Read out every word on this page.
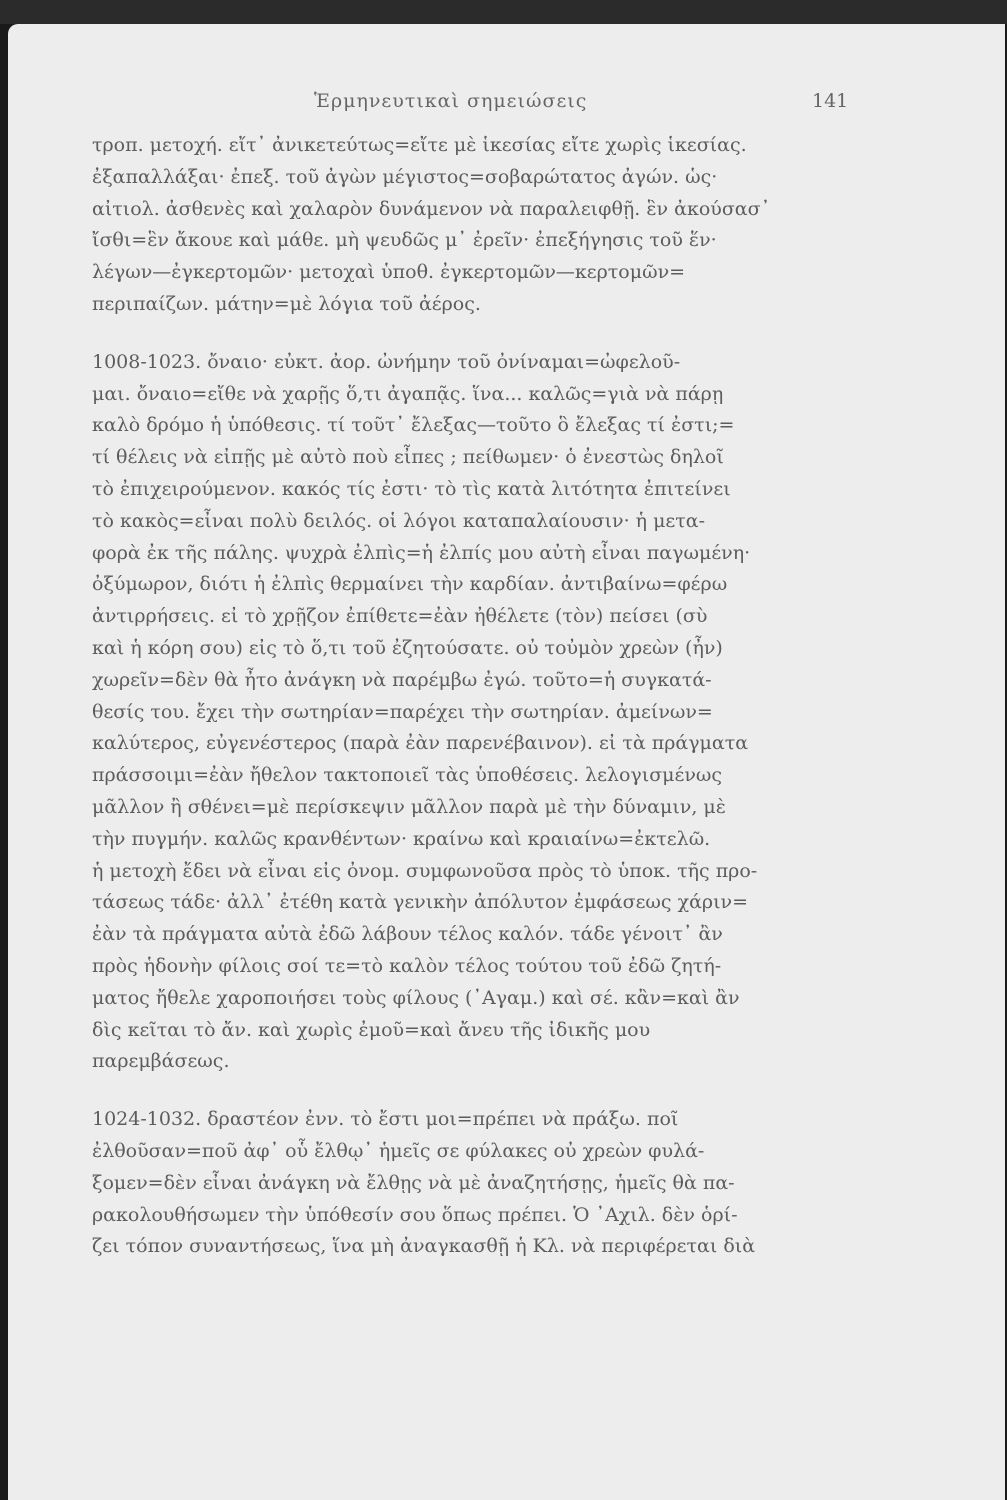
Ἑρμηνευτικαὶ σημειώσεις	141
τροπ. μετοχή. εἴτ᾽ ἀνικετεύτως=εἴτε μὲ ἱκεσίας εἴτε χωρὶς ἱκεσίας.
ἐξαπαλλάξαι· ἐπεξ. τοῦ ἀγὼν μέγιστος=σοβαρώτατος ἀγών. ὡς·
αἰτιολ. ἀσθενὲς καὶ χαλαρὸν δυνάμενον νὰ παραλειφθῇ. ἓν ἀκούσασ᾽
ἴσθι=ἓν ἄκουε καὶ μάθε. μὴ ψευδῶς μ᾽ ἐρεῖν· ἐπεξήγησις τοῦ ἕν·
λέγων—ἐγκερτομῶν· μετοχαὶ ὑποθ. ἐγκερτομῶν—κερτομῶν=
περιπαίζων. μάτην=μὲ λόγια τοῦ ἀέρος.
1008-1023. ὄναιο· εὐκτ. ἀορ. ὠνήμην τοῦ ὀνίναμαι=ὠφελοῦ-
μαι. ὄναιο=εἴθε νὰ χαρῇς ὅ,τι ἀγαπᾷς. ἵνα... καλῶς=γιὰ νὰ πάρῃ
καλὸ δρόμο ἡ ὑπόθεσις. τί τοῦτ᾽ ἔλεξας—τοῦτο ὃ ἔλεξας τί ἐστι;=
τί θέλεις νὰ εἰπῇς μὲ αὐτὸ ποὺ εἶπες ; πείθωμεν· ὁ ἐνεστὼς δηλοῖ
τὸ ἐπιχειρούμενον. κακός τίς ἐστι· τὸ τὶς κατὰ λιτότητα ἐπιτείνει
τὸ κακὸς=εἶναι πολὺ δειλός. οἱ λόγοι καταπαλαίουσιν· ἡ μετα-
φορὰ ἐκ τῆς πάλης. ψυχρὰ ἐλπὶς=ἡ ἐλπίς μου αὐτὴ εἶναι παγωμένη·
ὀξύμωρον, διότι ἡ ἐλπὶς θερμαίνει τὴν καρδίαν. ἀντιβαίνω=φέρω
ἀντιρρήσεις. εἰ τὸ χρῇζον ἐπίθετε=ἐὰν ἠθέλετε (τὸν) πείσει (σὺ
καὶ ἡ κόρη σου) εἰς τὸ ὅ,τι τοῦ ἐζητούσατε. οὐ τοὐμὸν χρεὼν (ἦν)
χωρεῖν=δὲν θὰ ἦτο ἀνάγκη νὰ παρέμβω ἐγώ. τοῦτο=ἡ συγκατά-
θεσίς του. ἔχει τὴν σωτηρίαν=παρέχει τὴν σωτηρίαν. ἀμείνων=
καλύτερος, εὐγενέστερος (παρὰ ἐὰν παρενέβαινον). εἰ τὰ πράγματα
πράσσοιμι=ἐὰν ἤθελον τακτοποιεῖ τὰς ὑποθέσεις. λελογισμένως
μᾶλλον ἢ σθένει=μὲ περίσκεψιν μᾶλλον παρὰ μὲ τὴν δύναμιν, μὲ
τὴν πυγμήν. καλῶς κρανθέντων· κραίνω καὶ κραιαίνω=ἐκτελῶ.
ἡ μετοχὴ ἔδει νὰ εἶναι εἰς ὀνομ. συμφωνοῦσα πρὸς τὸ ὑποκ. τῆς προ-
τάσεως τάδε· ἀλλ᾽ ἐτέθη κατὰ γενικὴν ἀπόλυτον ἐμφάσεως χάριν=
ἐὰν τὰ πράγματα αὐτὰ ἐδῶ λάβουν τέλος καλόν. τάδε γένοιτ᾽ ἂν
πρὸς ἡδονὴν φίλοις σοί τε=τὸ καλὸν τέλος τούτου τοῦ ἐδῶ ζητή-
ματος ἤθελε χαροποιήσει τοὺς φίλους (᾿Αγαμ.) καὶ σέ. κἂν=καὶ ἂν
δὶς κεῖται τὸ ἄν. καὶ χωρὶς ἐμοῦ=καὶ ἄνευ τῆς ἰδικῆς μου
παρεμβάσεως.
1024-1032. δραστέον ἐνν. τὸ ἔστι μοι=πρέπει νὰ πράξω. ποῖ
ἐλθοῦσαν=ποῦ ἀφ᾽ οὗ ἔλθῳ᾽ ἡμεῖς σε φύλακες οὐ χρεὼν φυλά-
ξομεν=δὲν εἶναι ἀνάγκη νὰ ἔλθῃς νὰ μὲ ἀναζητήσῃς, ἡμεῖς θὰ πα-
ρακολουθήσωμεν τὴν ὑπόθεσίν σου ὅπως πρέπει. Ὁ ᾿Αχιλ. δὲν ὁρί-
ζει τόπον συναντήσεως, ἵνα μὴ ἀναγκασθῇ ἡ Κλ. νὰ περιφέρεται διὰ
